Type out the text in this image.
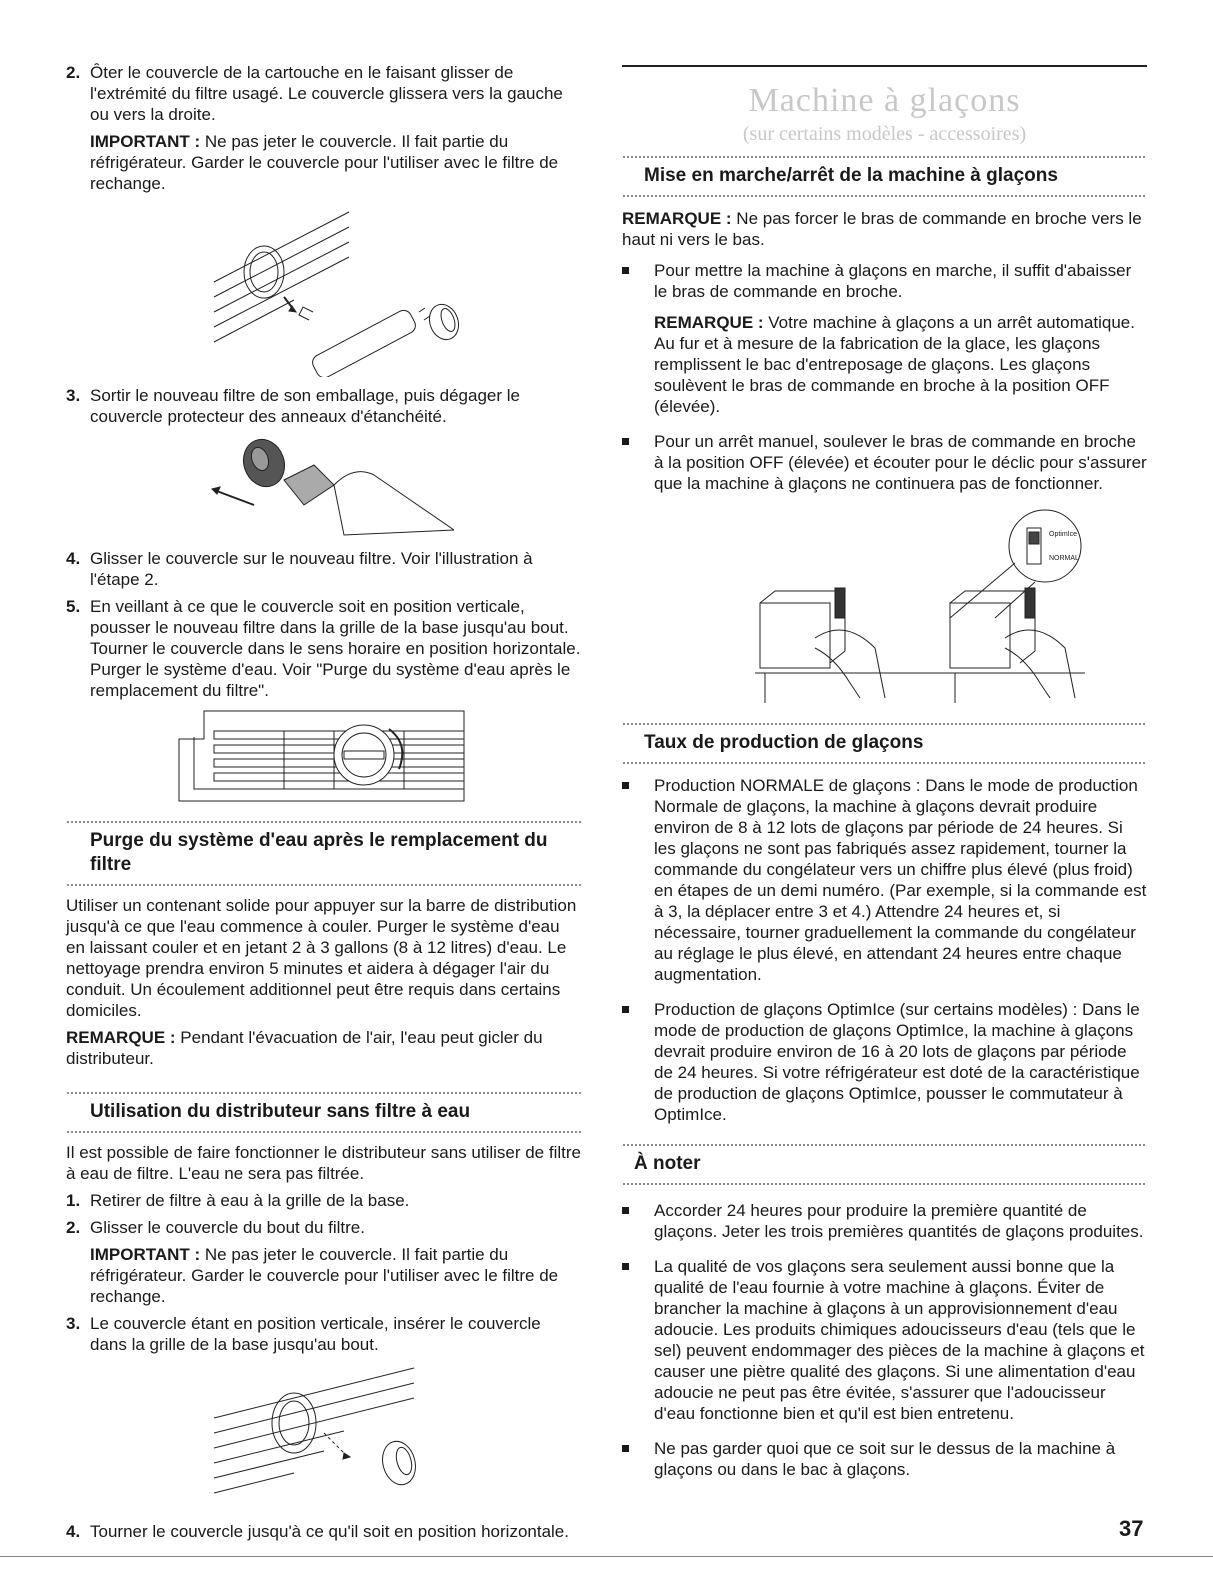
2. Ôter le couvercle de la cartouche en le faisant glisser de l'extrémité du filtre usagé. Le couvercle glissera vers la gauche ou vers la droite.
IMPORTANT : Ne pas jeter le couvercle. Il fait partie du réfrigérateur. Garder le couvercle pour l'utiliser avec le filtre de rechange.
3. Sortir le nouveau filtre de son emballage, puis dégager le couvercle protecteur des anneaux d'étanchéité.
4. Glisser le couvercle sur le nouveau filtre. Voir l'illustration à l'étape 2.
5. En veillant à ce que le couvercle soit en position verticale, pousser le nouveau filtre dans la grille de la base jusqu'au bout. Tourner le couvercle dans le sens horaire en position horizontale. Purger le système d'eau. Voir "Purge du système d'eau après le remplacement du filtre".
Purge du système d'eau après le remplacement du filtre

Utiliser un contenant solide pour appuyer sur la barre de distribution jusqu'à ce que l'eau commence à couler. Purger le système d'eau en laissant couler et en jetant 2 à 3 gallons (8 à 12 litres) d'eau. Le nettoyage prendra environ 5 minutes et aidera à dégager l'air du conduit. Un écoulement additionnel peut être requis dans certains domiciles.

REMARQUE : Pendant l'évacuation de l'air, l'eau peut gicler du distributeur.

Utilisation du distributeur sans filtre à eau

Il est possible de faire fonctionner le distributeur sans utiliser de filtre à eau de filtre. L'eau ne sera pas filtrée.

1. Retirer de filtre à eau à la grille de la base.
2. Glisser le couvercle du bout du filtre.
IMPORTANT : Ne pas jeter le couvercle. Il fait partie du réfrigérateur. Garder le couvercle pour l'utiliser avec le filtre de rechange.
3. Le couvercle étant en position verticale, insérer le couvercle dans la grille de la base jusqu'au bout.
4. Tourner le couvercle jusqu'à ce qu'il soit en position horizontale.
Machine à glaçons
(sur certains modèles - accessoires)
Mise en marche/arrêt de la machine à glaçons

REMARQUE : Ne pas forcer le bras de commande en broche vers le haut ni vers le bas.

Pour mettre la machine à glaçons en marche, il suffit d'abaisser le bras de commande en broche.
REMARQUE : Votre machine à glaçons a un arrêt automatique. Au fur et à mesure de la fabrication de la glace, les glaçons remplissent le bac d'entreposage de glaçons. Les glaçons soulèvent le bras de commande en broche à la position OFF (élevée).
Pour un arrêt manuel, soulever le bras de commande en broche à la position OFF (élevée) et écouter pour le déclic pour s'assurer que la machine à glaçons ne continuera pas de fonctionner.
OptimIce
NORMAL
Taux de production de glaçons
Production NORMALE de glaçons : Dans le mode de production Normale de glaçons, la machine à glaçons devrait produire environ de 8 à 12 lots de glaçons par période de 24 heures. Si les glaçons ne sont pas fabriqués assez rapidement, tourner la commande du congélateur vers un chiffre plus élevé (plus froid) en étapes de un demi numéro. (Par exemple, si la commande est à 3, la déplacer entre 3 et 4.) Attendre 24 heures et, si nécessaire, tourner graduellement la commande du congélateur au réglage le plus élevé, en attendant 24 heures entre chaque augmentation.
Production de glaçons OptimIce (sur certains modèles) : Dans le mode de production de glaçons OptimIce, la machine à glaçons devrait produire environ de 16 à 20 lots de glaçons par période de 24 heures. Si votre réfrigérateur est doté de la caractéristique de production de glaçons OptimIce, pousser le commutateur à OptimIce.
À noter
Accorder 24 heures pour produire la première quantité de glaçons. Jeter les trois premières quantités de glaçons produites.
La qualité de vos glaçons sera seulement aussi bonne que la qualité de l'eau fournie à votre machine à glaçons. Éviter de brancher la machine à glaçons à un approvisionnement d'eau adoucie. Les produits chimiques adoucisseurs d'eau (tels que le sel) peuvent endommager des pièces de la machine à glaçons et causer une piètre qualité des glaçons. Si une alimentation d'eau adoucie ne peut pas être évitée, s'assurer que l'adoucisseur d'eau fonctionne bien et qu'il est bien entretenu.
Ne pas garder quoi que ce soit sur le dessus de la machine à glaçons ou dans le bac à glaçons.
37
